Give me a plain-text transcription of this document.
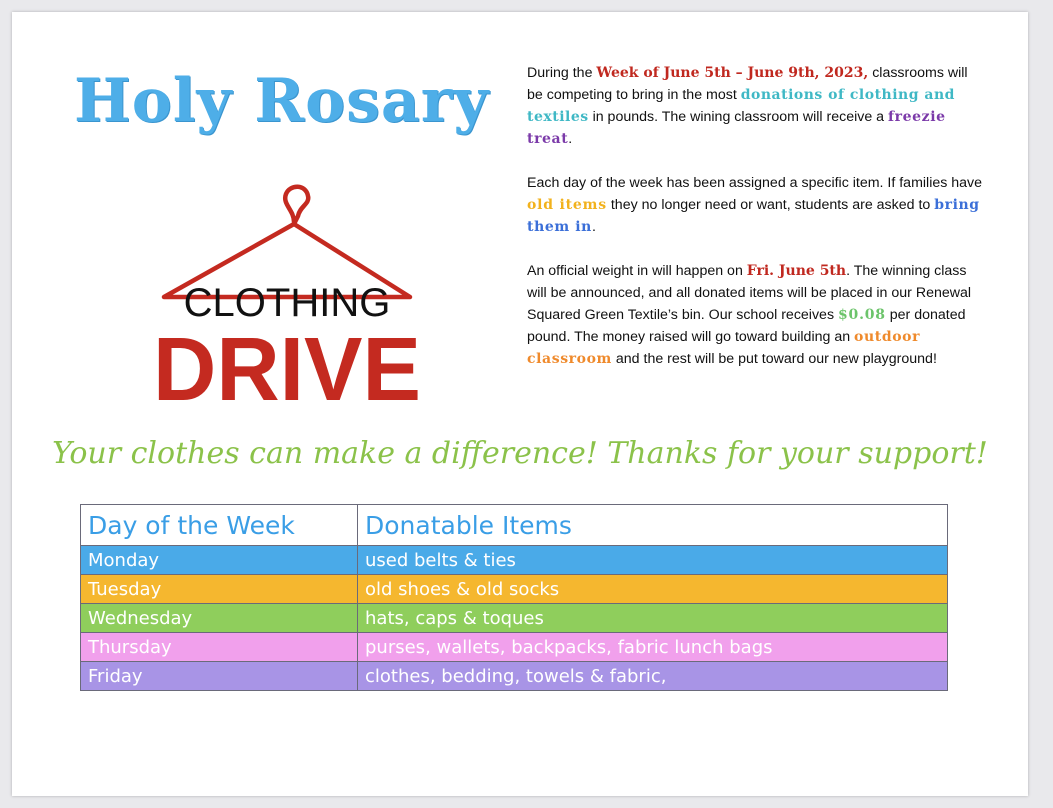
Holy Rosary
CLOTHING
DRIVE

During the Week of June 5th – June 9th, 2023, classrooms will be competing to bring in the most donations of clothing and textiles in pounds. The wining classroom will receive a freezie treat.

Each day of the week has been assigned a specific item. If families have old items they no longer need or want, students are asked to bring them in.

An official weight in will happen on Fri. June 5th. The winning class will be announced, and all donated items will be placed in our Renewal Squared Green Textile’s bin. Our school receives $0.08 per donated pound. The money raised will go toward building an outdoor classroom and the rest will be put toward our new playground!

Your clothes can make a difference! Thanks for your support!
Day of the Week	Donatable Items
Monday	used belts & ties
Tuesday	old shoes & old socks
Wednesday	hats, caps & toques
Thursday	purses, wallets, backpacks, fabric lunch bags
Friday	clothes, bedding, towels & fabric,
